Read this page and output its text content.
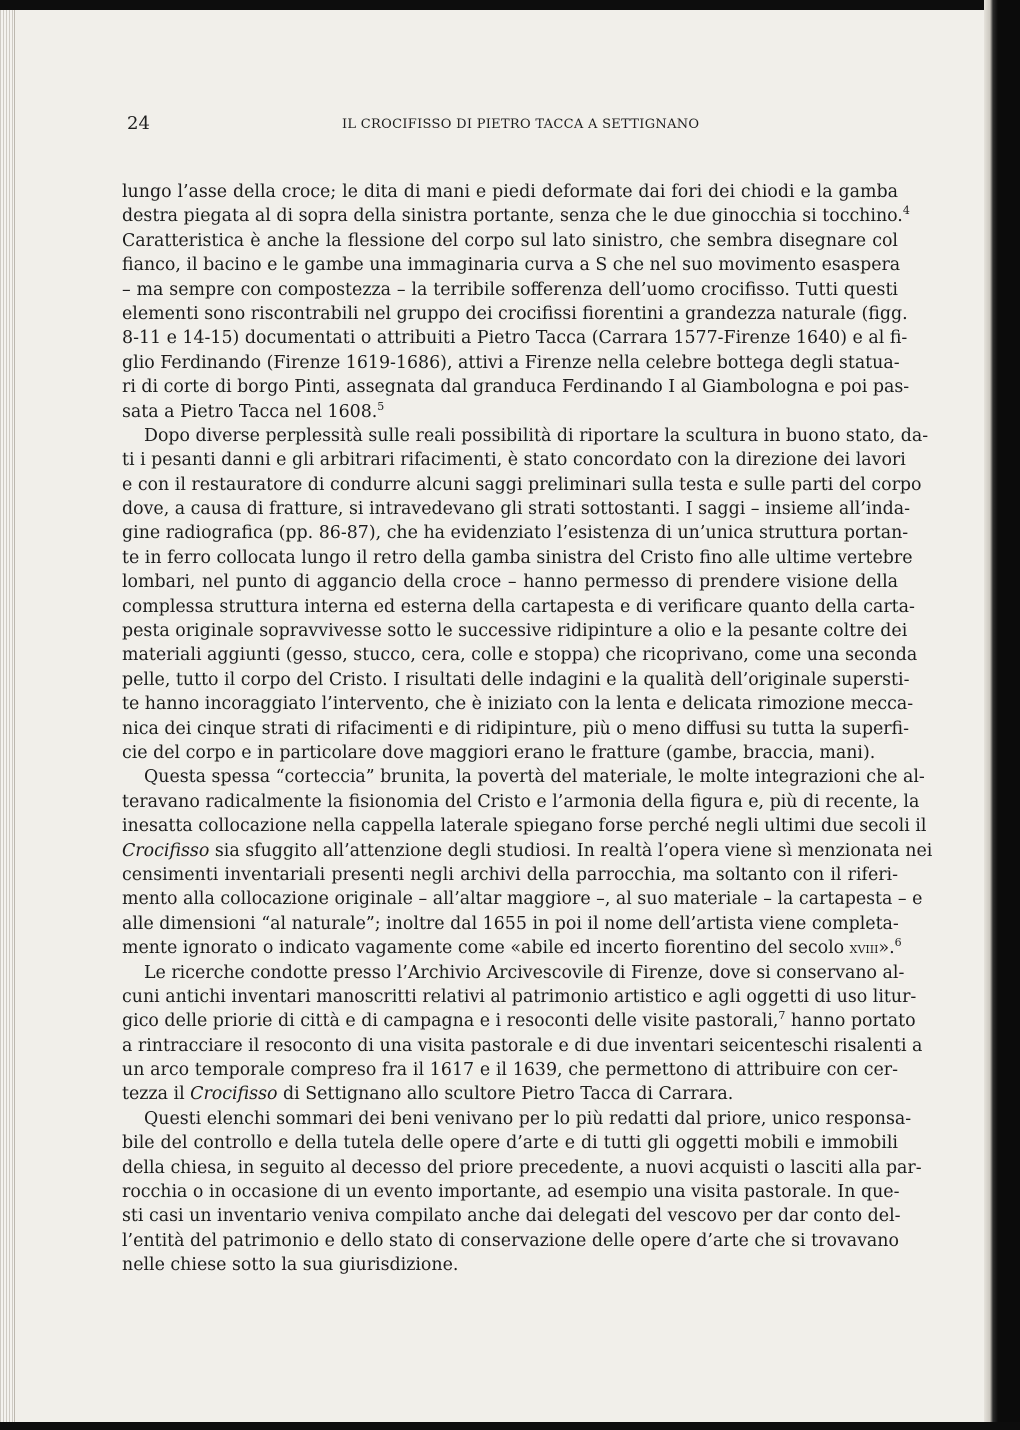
24	IL CROCIFISSO DI PIETRO TACCA A SETTIGNANO
lungo l’asse della croce; le dita di mani e piedi deformate dai fori dei chiodi e la gamba
destra piegata al di sopra della sinistra portante, senza che le due ginocchia si tocchino.$^4$
Caratteristica è anche la flessione del corpo sul lato sinistro, che sembra disegnare col
fianco, il bacino e le gambe una immaginaria curva a S che nel suo movimento esaspera
– ma sempre con compostezza – la terribile sofferenza dell’uomo crocifisso. Tutti questi
elementi sono riscontrabili nel gruppo dei crocifissi fiorentini a grandezza naturale (figg.
8-11 e 14-15) documentati o attribuiti a Pietro Tacca (Carrara 1577-Firenze 1640) e al fi-
glio Ferdinando (Firenze 1619-1686), attivi a Firenze nella celebre bottega degli statua-
ri di corte di borgo Pinti, assegnata dal granduca Ferdinando I al Giambologna e poi pas-
sata a Pietro Tacca nel 1608.$^5$
Dopo diverse perplessità sulle reali possibilità di riportare la scultura in buono stato, da-
ti i pesanti danni e gli arbitrari rifacimenti, è stato concordato con la direzione dei lavori
e con il restauratore di condurre alcuni saggi preliminari sulla testa e sulle parti del corpo
dove, a causa di fratture, si intravedevano gli strati sottostanti. I saggi – insieme all’inda-
gine radiografica (pp. 86-87), che ha evidenziato l’esistenza di un’unica struttura portan-
te in ferro collocata lungo il retro della gamba sinistra del Cristo fino alle ultime vertebre
lombari, nel punto di aggancio della croce – hanno permesso di prendere visione della
complessa struttura interna ed esterna della cartapesta e di verificare quanto della carta-
pesta originale sopravvivesse sotto le successive ridipinture a olio e la pesante coltre dei
materiali aggiunti (gesso, stucco, cera, colle e stoppa) che ricoprivano, come una seconda
pelle, tutto il corpo del Cristo. I risultati delle indagini e la qualità dell’originale supersti-
te hanno incoraggiato l’intervento, che è iniziato con la lenta e delicata rimozione mecca-
nica dei cinque strati di rifacimenti e di ridipinture, più o meno diffusi su tutta la superfi-
cie del corpo e in particolare dove maggiori erano le fratture (gambe, braccia, mani).
Questa spessa “corteccia” brunita, la povertà del materiale, le molte integrazioni che al-
teravano radicalmente la fisionomia del Cristo e l’armonia della figura e, più di recente, la
inesatta collocazione nella cappella laterale spiegano forse perché negli ultimi due secoli il
Crocifisso sia sfuggito all’attenzione degli studiosi. In realtà l’opera viene sì menzionata nei
censimenti inventariali presenti negli archivi della parrocchia, ma soltanto con il riferi-
mento alla collocazione originale – all’altar maggiore –, al suo materiale – la cartapesta – e
alle dimensioni “al naturale”; inoltre dal 1655 in poi il nome dell’artista viene completa-
mente ignorato o indicato vagamente come «abile ed incerto fiorentino del secolo xviii».$^6$
Le ricerche condotte presso l’Archivio Arcivescovile di Firenze, dove si conservano al-
cuni antichi inventari manoscritti relativi al patrimonio artistico e agli oggetti di uso litur-
gico delle priorie di città e di campagna e i resoconti delle visite pastorali,$^7$ hanno portato
a rintracciare il resoconto di una visita pastorale e di due inventari seicenteschi risalenti a
un arco temporale compreso fra il 1617 e il 1639, che permettono di attribuire con cer-
tezza il Crocifisso di Settignano allo scultore Pietro Tacca di Carrara.
Questi elenchi sommari dei beni venivano per lo più redatti dal priore, unico responsa-
bile del controllo e della tutela delle opere d’arte e di tutti gli oggetti mobili e immobili
della chiesa, in seguito al decesso del priore precedente, a nuovi acquisti o lasciti alla par-
rocchia o in occasione di un evento importante, ad esempio una visita pastorale. In que-
sti casi un inventario veniva compilato anche dai delegati del vescovo per dar conto del-
l’entità del patrimonio e dello stato di conservazione delle opere d’arte che si trovavano
nelle chiese sotto la sua giurisdizione.
